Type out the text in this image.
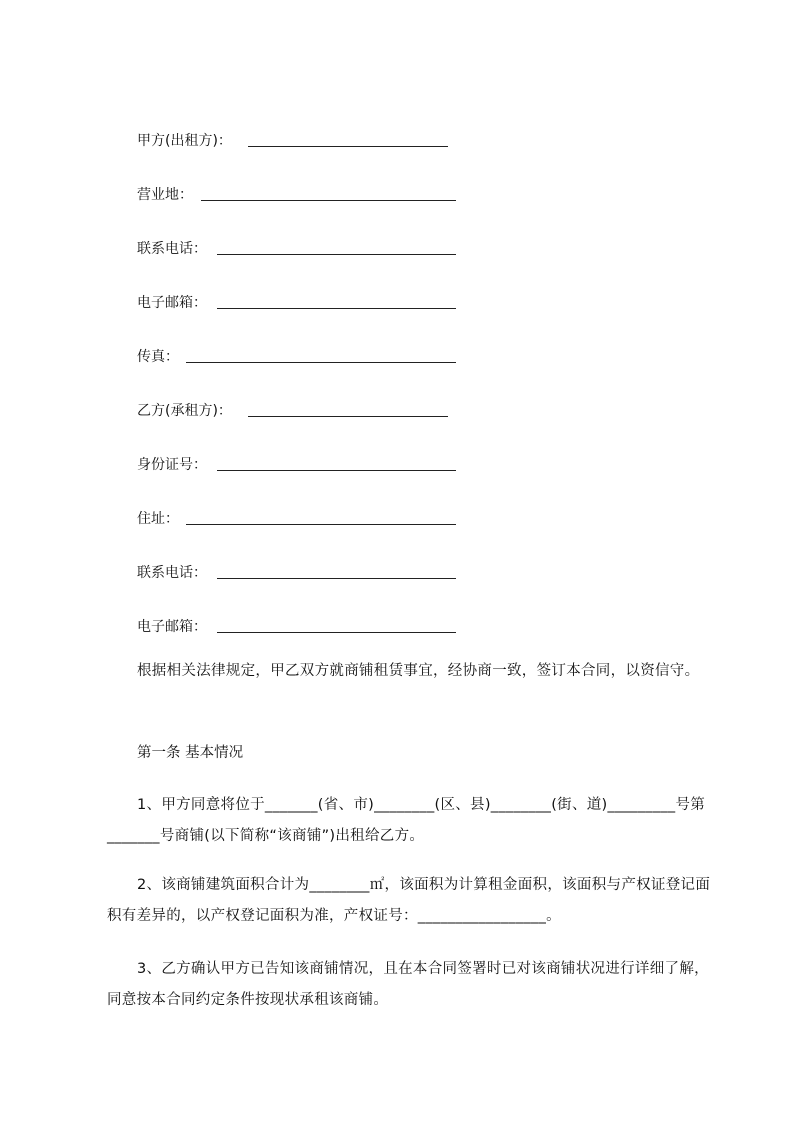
甲方(出租方)：
营业地：
联系电话：
电子邮箱：
传真：
乙方(承租方)：
身份证号：
住址：
联系电话：
电子邮箱：
根据相关法律规定，甲乙双方就商铺租赁事宜，经协商一致，签订本合同，以资信守。
第一条 基本情况
1、甲方同意将位于_______(省、市)________(区、县)________(街、道)_________号第_______号商铺(以下简称“该商铺”)出租给乙方。
2、该商铺建筑面积合计为________㎡，该面积为计算租金面积，该面积与产权证登记面积有差异的，以产权登记面积为准，产权证号：_________________。
3、乙方确认甲方已告知该商铺情况，且在本合同签署时已对该商铺状况进行详细了解，同意按本合同约定条件按现状承租该商铺。
